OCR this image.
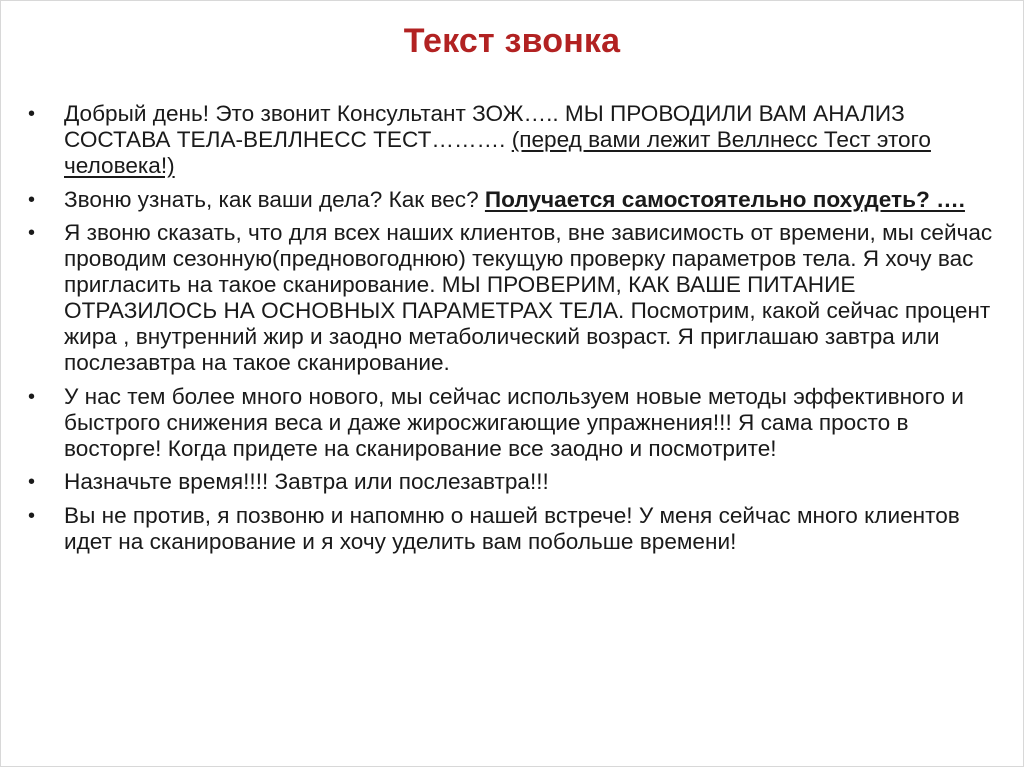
Текст звонка
• Добрый день! Это звонит Консультант ЗОЖ….. МЫ ПРОВОДИЛИ ВАМ АНАЛИЗ СОСТАВА ТЕЛА-ВЕЛЛНЕСС ТЕСТ………. (перед вами лежит Веллнесс Тест этого человека!)
• Звоню узнать, как ваши дела? Как вес? Получается самостоятельно похудеть? ….
• Я звоню сказать, что для всех наших клиентов, вне зависимость от времени, мы сейчас проводим сезонную(предновогоднюю) текущую проверку параметров тела. Я хочу вас пригласить на такое сканирование. МЫ ПРОВЕРИМ, КАК ВАШЕ ПИТАНИЕ ОТРАЗИЛОСЬ НА ОСНОВНЫХ ПАРАМЕТРАХ ТЕЛА. Посмотрим, какой сейчас процент жира , внутренний жир и заодно метаболический возраст. Я приглашаю завтра или послезавтра на такое сканирование.
• У нас тем более много нового, мы сейчас используем новые методы эффективного и быстрого снижения веса и даже жиросжигающие упражнения!!! Я сама просто в восторге! Когда придете на сканирование все заодно и посмотрите!
• Назначьте время!!!! Завтра или послезавтра!!!
• Вы не против, я позвоню и напомню о нашей встрече! У меня сейчас много клиентов идет на сканирование и я хочу уделить вам побольше времени!
